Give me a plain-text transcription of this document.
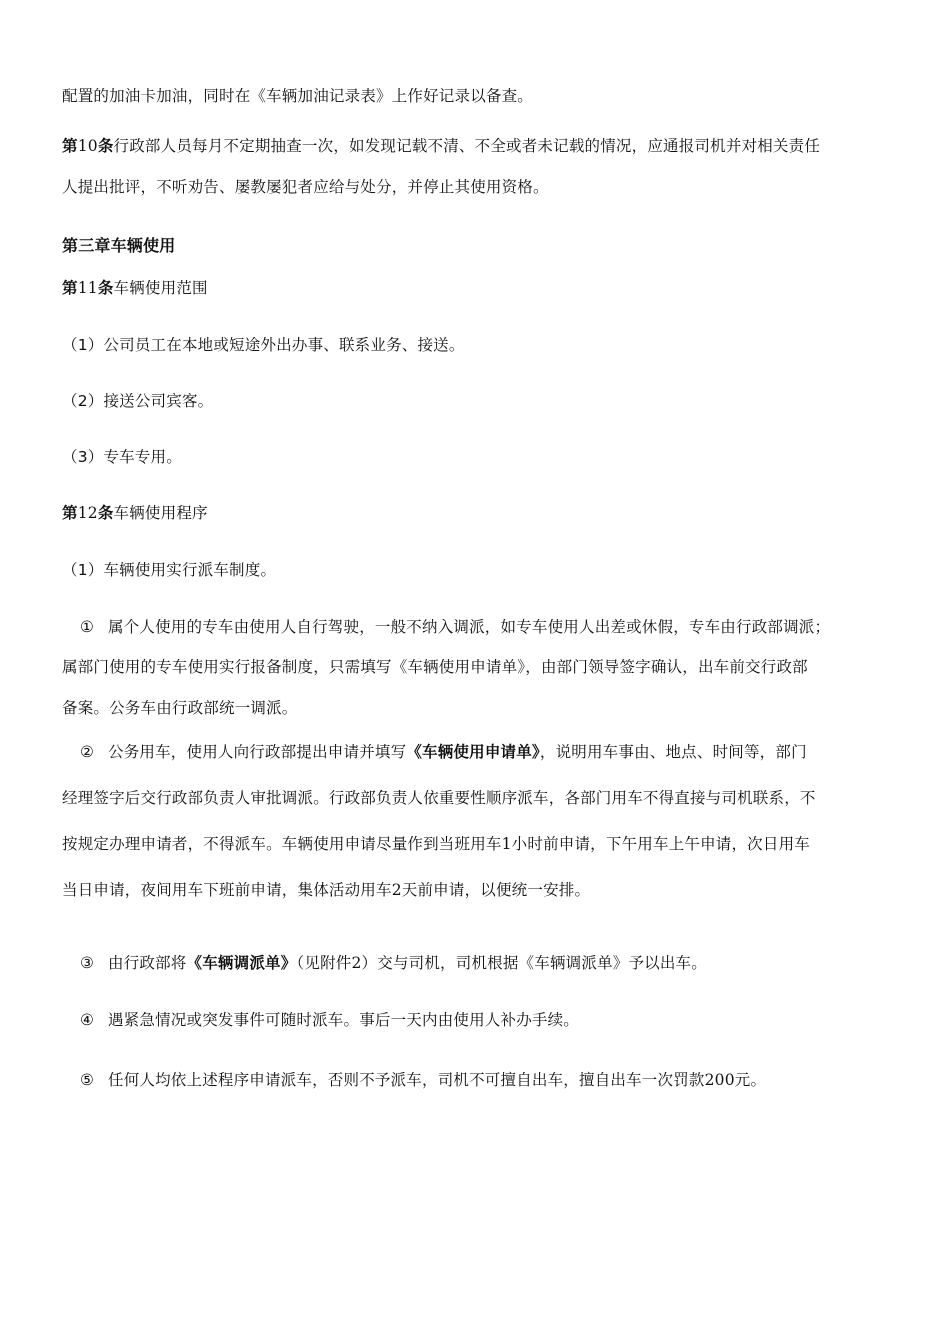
配置的加油卡加油，同时在《车辆加油记录表》上作好记录以备查。
第10条行政部人员每月不定期抽查一次，如发现记载不清、不全或者未记载的情况，应通报司机并对相关责任
人提出批评，不听劝告、屡教屡犯者应给与处分，并停止其使用资格。
第三章车辆使用
第11条车辆使用范围
（1）公司员工在本地或短途外出办事、联系业务、接送。
（2）接送公司宾客。
（3）专车专用。
第12条车辆使用程序
（1）车辆使用实行派车制度。
① 属个人使用的专车由使用人自行驾驶，一般不纳入调派，如专车使用人出差或休假，专车由行政部调派；
属部门使用的专车使用实行报备制度，只需填写《车辆使用申请单》，由部门领导签字确认，出车前交行政部
备案。公务车由行政部统一调派。
② 公务用车，使用人向行政部提出申请并填写《车辆使用申请单》，说明用车事由、地点、时间等，部门
经理签字后交行政部负责人审批调派。行政部负责人依重要性顺序派车，各部门用车不得直接与司机联系，不
按规定办理申请者，不得派车。车辆使用申请尽量作到当班用车1小时前申请，下午用车上午申请，次日用车
当日申请，夜间用车下班前申请，集体活动用车2天前申请，以便统一安排。
③ 由行政部将《车辆调派单》（见附件2）交与司机，司机根据《车辆调派单》予以出车。
④ 遇紧急情况或突发事件可随时派车。事后一天内由使用人补办手续。
⑤ 任何人均依上述程序申请派车，否则不予派车，司机不可擅自出车，擅自出车一次罚款200元。
